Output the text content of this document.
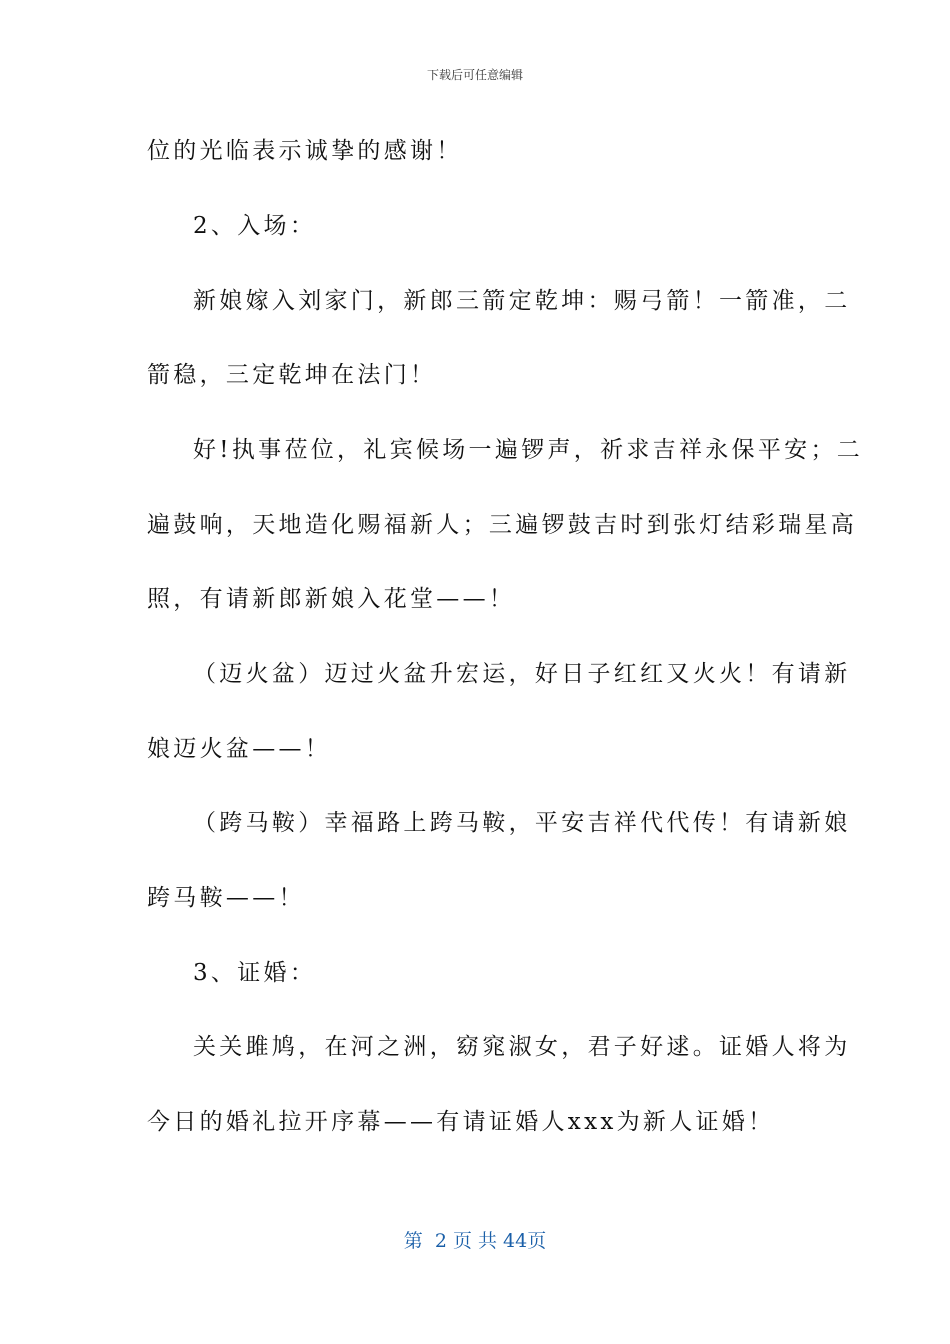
下载后可任意编辑
位的光临表示诚挚的感谢！
2、入场：
新娘嫁入刘家门，新郎三箭定乾坤：赐弓箭！一箭准，二
箭稳，三定乾坤在法门！
好!执事莅位，礼宾候场一遍锣声，祈求吉祥永保平安；二
遍鼓响，天地造化赐福新人；三遍锣鼓吉时到张灯结彩瑞星高
照，有请新郎新娘入花堂——！
（迈火盆）迈过火盆升宏运，好日子红红又火火！有请新
娘迈火盆——！
（跨马鞍）幸福路上跨马鞍，平安吉祥代代传！有请新娘
跨马鞍——！
3、证婚：
关关雎鸠，在河之洲，窈窕淑女，君子好逑。证婚人将为
今日的婚礼拉开序幕——有请证婚人xxx为新人证婚！
第  2 页 共 44页
